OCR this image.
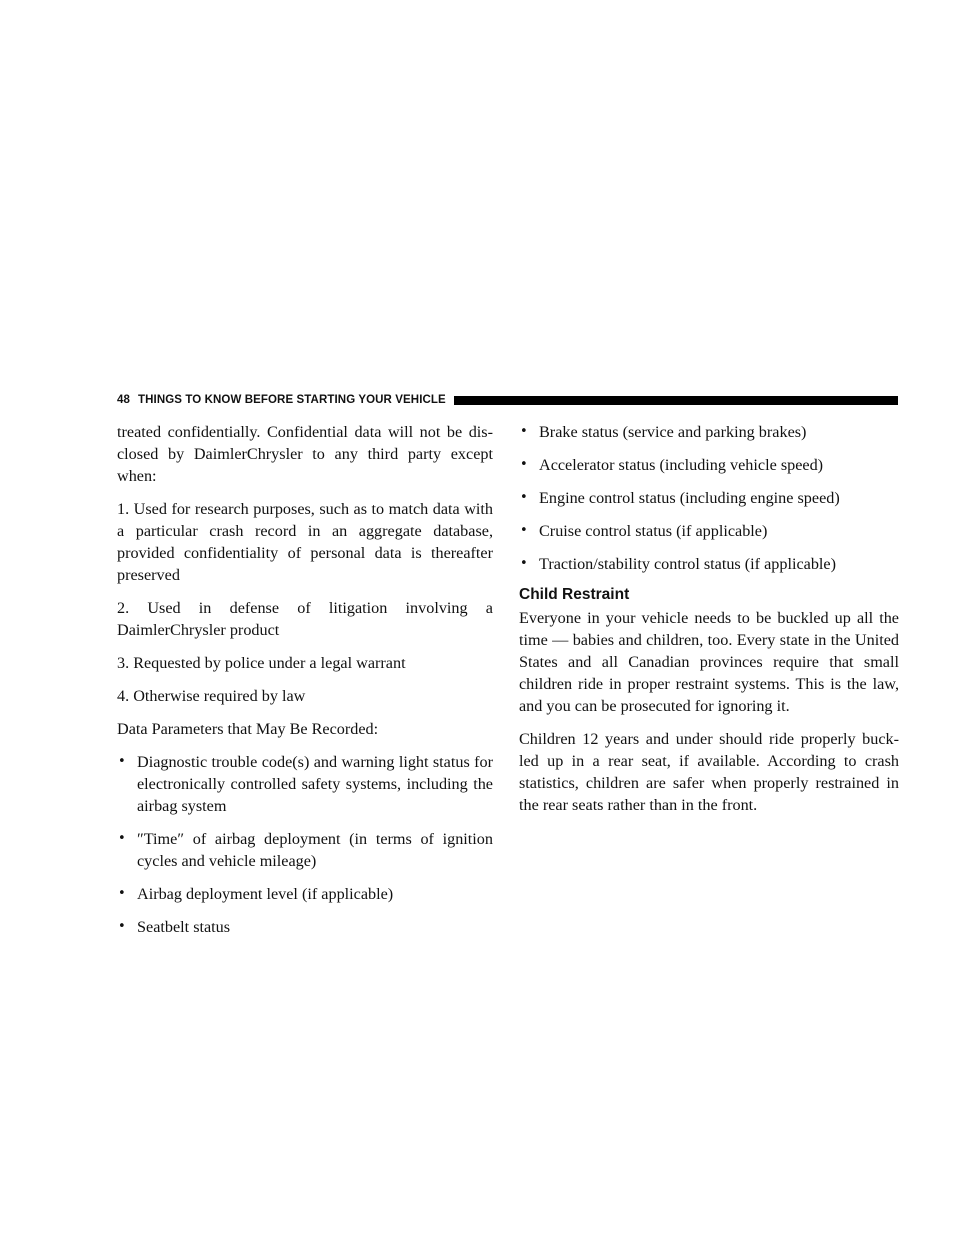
48 THINGS TO KNOW BEFORE STARTING YOUR VEHICLE

treated confidentially. Confidential data will not be dis- closed by DaimlerChrysler to any third party except when:

1. Used for research purposes, such as to match data with a particular crash record in an aggregate database, provided confidentiality of personal data is thereafter preserved

2. Used in defense of litigation involving a DaimlerChrysler product

3. Requested by police under a legal warrant

4. Otherwise required by law

Data Parameters that May Be Recorded:

• Diagnostic trouble code(s) and warning light status for electronically controlled safety systems, including the airbag system
• ″Time″ of airbag deployment (in terms of ignition cycles and vehicle mileage)
• Airbag deployment level (if applicable)
• Seatbelt status
• Brake status (service and parking brakes)
• Accelerator status (including vehicle speed)
• Engine control status (including engine speed)
• Cruise control status (if applicable)
• Traction/stability control status (if applicable)
Child Restraint

Everyone in your vehicle needs to be buckled up all the time — babies and children, too. Every state in the United States and all Canadian provinces require that small children ride in proper restraint systems. This is the law, and you can be prosecuted for ignoring it.

Children 12 years and under should ride properly buck- led up in a rear seat, if available. According to crash statistics, children are safer when properly restrained in the rear seats rather than in the front.
